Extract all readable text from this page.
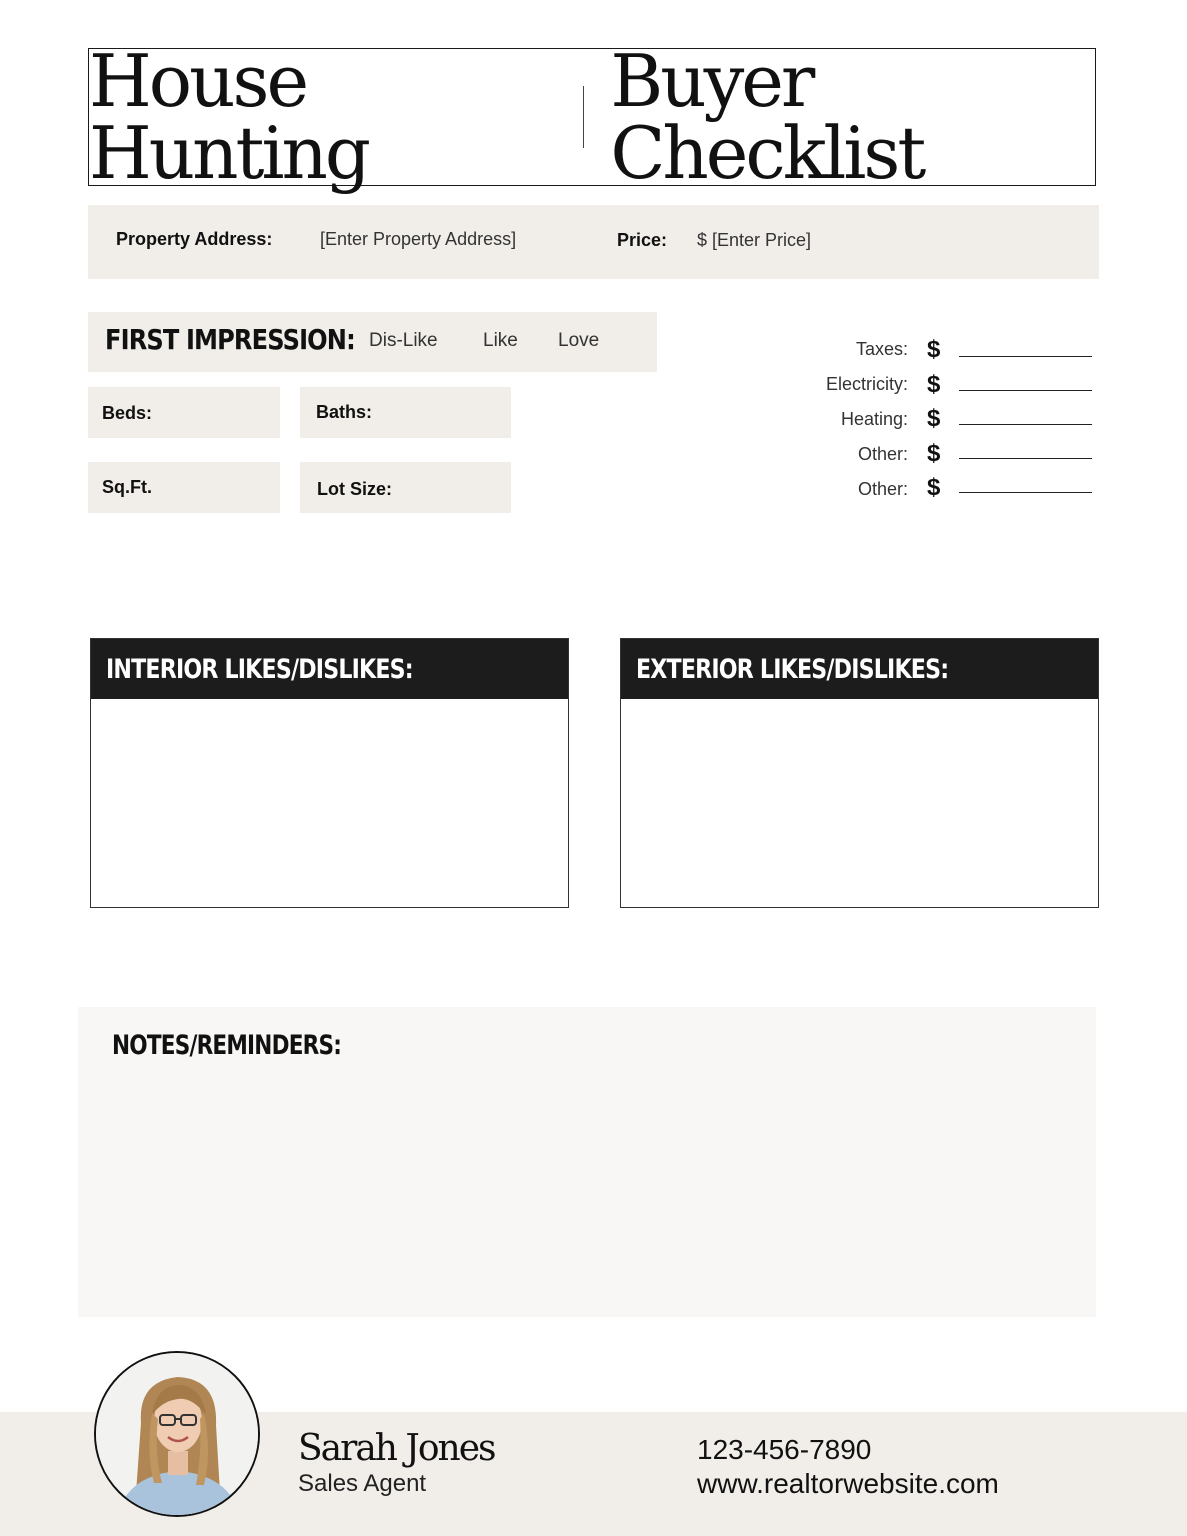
House Hunting
Buyer Checklist
Property Address:	[Enter Property Address]	Price: $ [Enter Price]
FIRST IMPRESSION: Dis-Like Like Love
Beds:	Baths:
Sq.Ft.	Lot Size:
Taxes: $
Electricity: $
Heating: $
Other: $
Other: $
INTERIOR LIKES/DISLIKES:	EXTERIOR LIKES/DISLIKES:
NOTES/REMINDERS:
Sarah Jones
Sales Agent
123-456-7890
www.realtorwebsite.com
